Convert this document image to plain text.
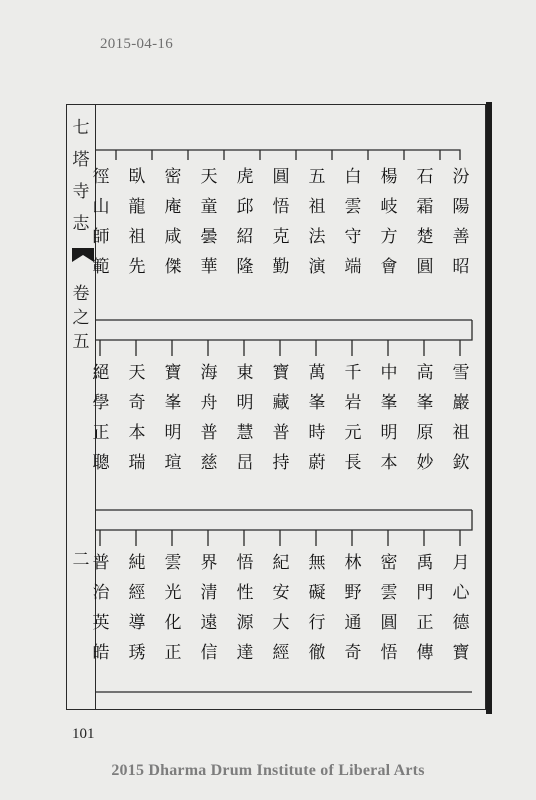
2015-04-16
七
塔
寺
志
卷
之
五
二
汾
陽
善
昭
石
霜
楚
圓
楊
岐
方
會
白
雲
守
端
五
祖
法
演
圓
悟
克
勤
虎
邱
紹
隆
天
童
曇
華
密
庵
咸
傑
臥
龍
祖
先
徑
山
師
範
雪
巖
祖
欽
高
峯
原
妙
中
峯
明
本
千
岩
元
長
萬
峯
時
蔚
寶
藏
普
持
東
明
慧
旵
海
舟
普
慈
寶
峯
明
瑄
天
奇
本
瑞
絕
學
正
聰
月
心
德
寶
禹
門
正
傳
密
雲
圓
悟
林
野
通
奇
無
礙
行
徹
紀
安
大
經
悟
性
源
達
界
清
遠
信
雲
光
化
正
純
經
導
琇
普
治
英
皓
101
2015 Dharma Drum Institute of Liberal Arts
